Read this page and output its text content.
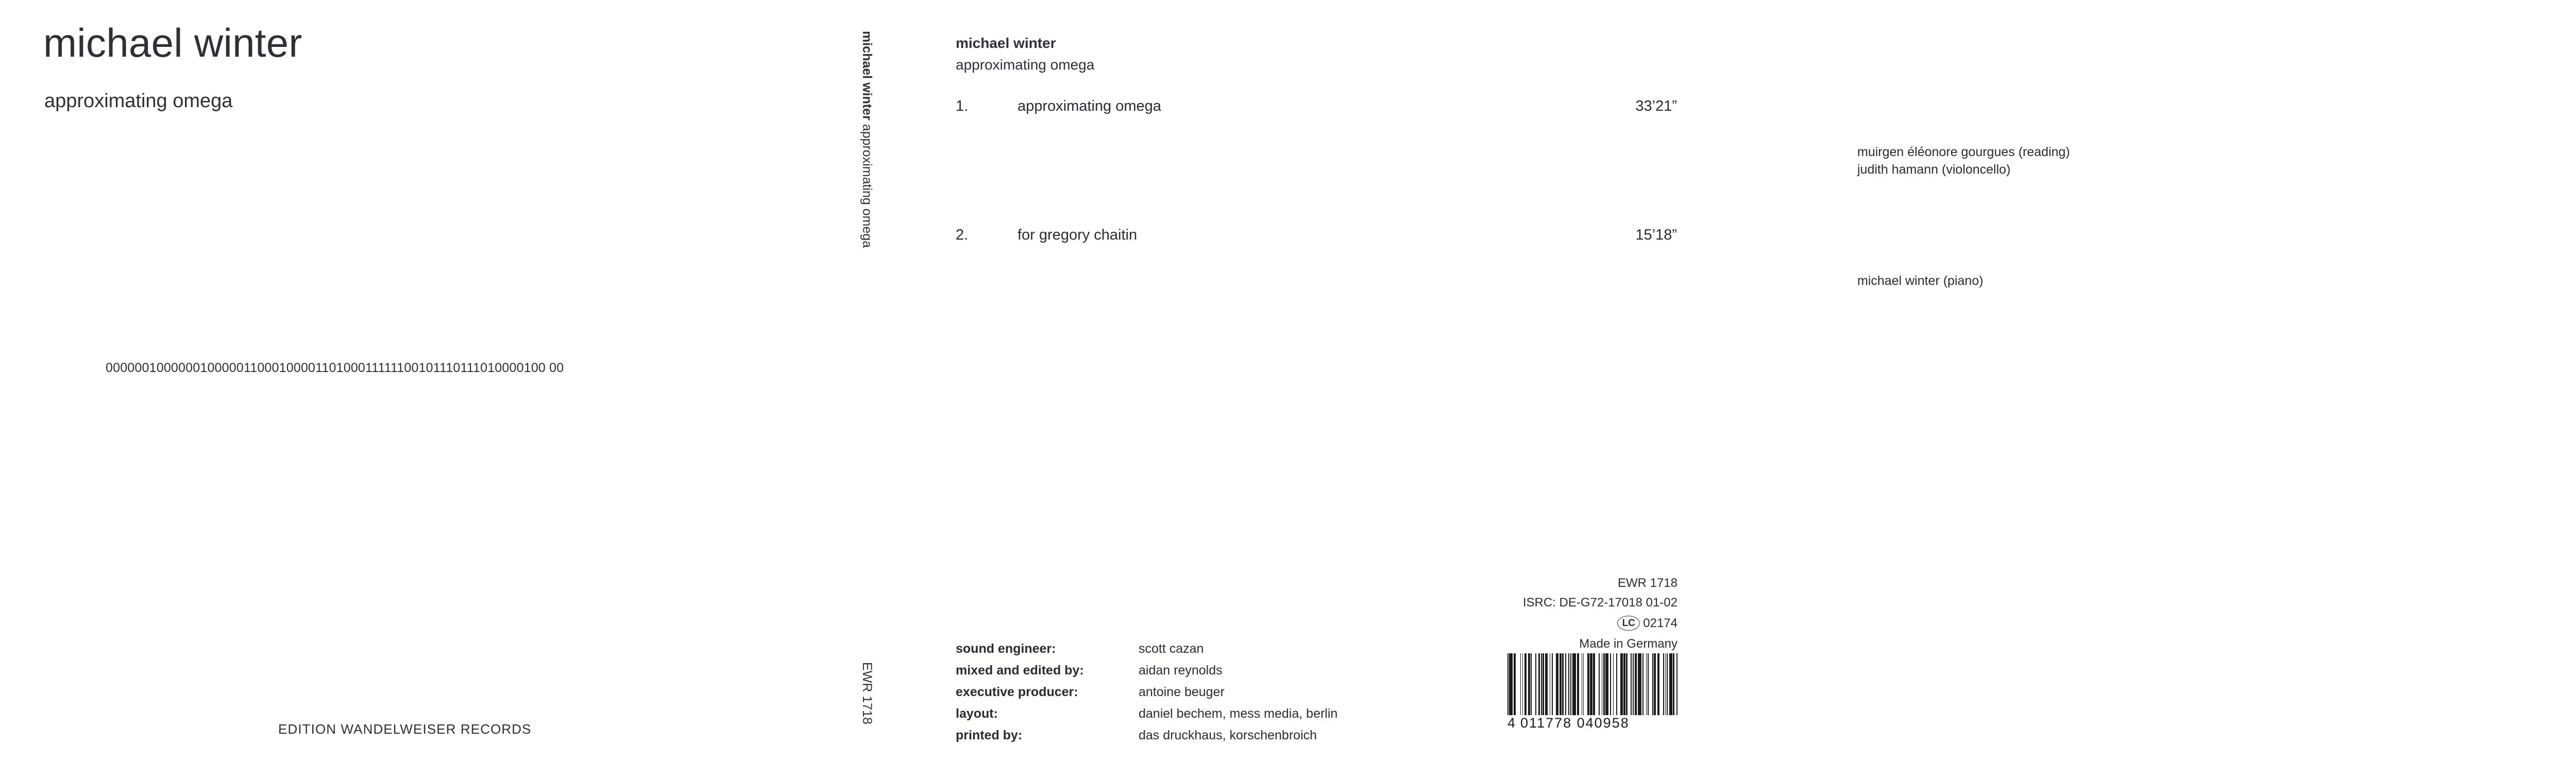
michael winter
approximating omega
00000010000001000001100010000110100011111100101110111010000100 00
EDITION WANDELWEISER RECORDS
michael winter approximating omega
EWR 1718
michael winter
approximating omega
1.	approximating omega	33’21”
muirgen éléonore gourgues (reading)
judith hamann (violoncello)
2.	for gregory chaitin	15’18”
michael winter (piano)
sound engineer:	scott cazan
mixed and edited by:	aidan reynolds
executive producer:	antoine beuger
layout:	daniel bechem, mess media, berlin
printed by:	das druckhaus, korschenbroich
EWR 1718
ISRC: DE-G72-17018 01-02
LC 02174
Made in Germany
4 011778 040958
